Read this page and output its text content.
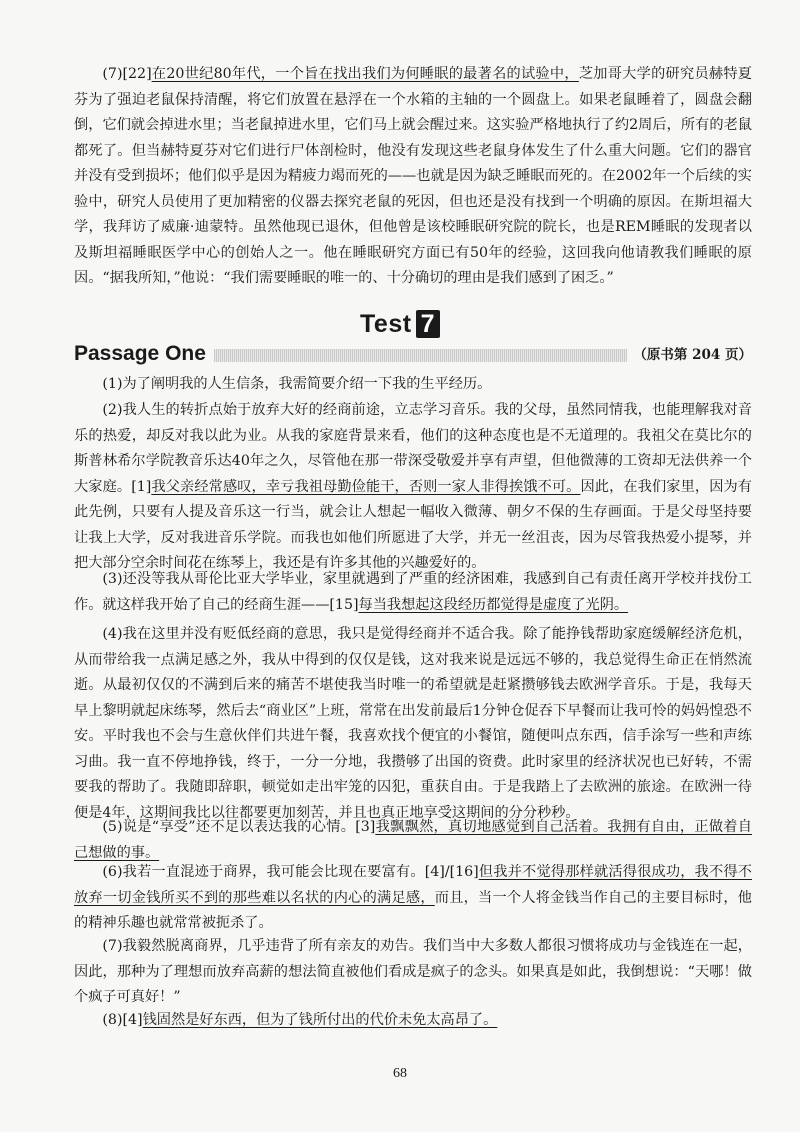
(7)[22]在20世纪80年代，一个旨在找出我们为何睡眠的最著名的试验中，芝加哥大学的研究员赫特夏芬为了强迫老鼠保持清醒，将它们放置在悬浮在一个水箱的主轴的一个圆盘上。如果老鼠睡着了，圆盘会翻倒，它们就会掉进水里；当老鼠掉进水里，它们马上就会醒过来。这实验严格地执行了约2周后，所有的老鼠都死了。但当赫特夏芬对它们进行尸体剖检时，他没有发现这些老鼠身体发生了什么重大问题。它们的器官并没有受到损坏；他们似乎是因为精疲力竭而死的——也就是因为缺乏睡眠而死的。在2002年一个后续的实验中，研究人员使用了更加精密的仪器去探究老鼠的死因，但也还是没有找到一个明确的原因。在斯坦福大学，我拜访了威廉·迪蒙特。虽然他现已退休，但他曾是该校睡眠研究院的院长，也是REM睡眠的发现者以及斯坦福睡眠医学中心的创始人之一。他在睡眠研究方面已有50年的经验，这回我向他请教我们睡眠的原因。“据我所知，”他说：“我们需要睡眠的唯一的、十分确切的理由是我们感到了困乏。”

Test 7
Passage One	（原书第 204 页）

(1)为了阐明我的人生信条，我需简要介绍一下我的生平经历。

(2)我人生的转折点始于放弃大好的经商前途，立志学习音乐。我的父母，虽然同情我，也能理解我对音乐的热爱，却反对我以此为业。从我的家庭背景来看，他们的这种态度也是不无道理的。我祖父在莫比尔的斯普林希尔学院教音乐达40年之久，尽管他在那一带深受敬爱并享有声望，但他微薄的工资却无法供养一个大家庭。[1]我父亲经常感叹，幸亏我祖母勤俭能干，否则一家人非得挨饿不可。因此，在我们家里，因为有此先例，只要有人提及音乐这一行当，就会让人想起一幅收入微薄、朝夕不保的生存画面。于是父母坚持要让我上大学，反对我进音乐学院。而我也如他们所愿进了大学，并无一丝沮丧，因为尽管我热爱小提琴，并把大部分空余时间花在练琴上，我还是有许多其他的兴趣爱好的。

(3)还没等我从哥伦比亚大学毕业，家里就遇到了严重的经济困难，我感到自己有责任离开学校并找份工作。就这样我开始了自己的经商生涯——[15]每当我想起这段经历都觉得是虚度了光阴。

(4)我在这里并没有贬低经商的意思，我只是觉得经商并不适合我。除了能挣钱帮助家庭缓解经济危机，从而带给我一点满足感之外，我从中得到的仅仅是钱，这对我来说是远远不够的，我总觉得生命正在悄然流逝。从最初仅仅的不满到后来的痛苦不堪使我当时唯一的希望就是赶紧攒够钱去欧洲学音乐。于是，我每天早上黎明就起床练琴，然后去“商业区”上班，常常在出发前最后1分钟仓促吞下早餐而让我可怜的妈妈惶恐不安。平时我也不会与生意伙伴们共进午餐，我喜欢找个便宜的小餐馆，随便叫点东西，信手涂写一些和声练习曲。我一直不停地挣钱，终于，一分一分地，我攒够了出国的资费。此时家里的经济状况也已好转，不需要我的帮助了。我随即辞职，顿觉如走出牢笼的囚犯，重获自由。于是我踏上了去欧洲的旅途。在欧洲一待便是4年，这期间我比以往都要更加刻苦，并且也真正地享受这期间的分分秒秒。

(5)说是“享受”还不足以表达我的心情。[3]我飘飘然，真切地感觉到自己活着。我拥有自由，正做着自己想做的事。

(6)我若一直混迹于商界，我可能会比现在要富有。[4]/[16]但我并不觉得那样就活得很成功，我不得不放弃一切金钱所买不到的那些难以名状的内心的满足感，而且，当一个人将金钱当作自己的主要目标时，他的精神乐趣也就常常被扼杀了。

(7)我毅然脱离商界，几乎违背了所有亲友的劝告。我们当中大多数人都很习惯将成功与金钱连在一起，因此，那种为了理想而放弃高薪的想法简直被他们看成是疯子的念头。如果真是如此，我倒想说：“天哪！做个疯子可真好！”

(8)[4]钱固然是好东西，但为了钱所付出的代价未免太高昂了。

68
